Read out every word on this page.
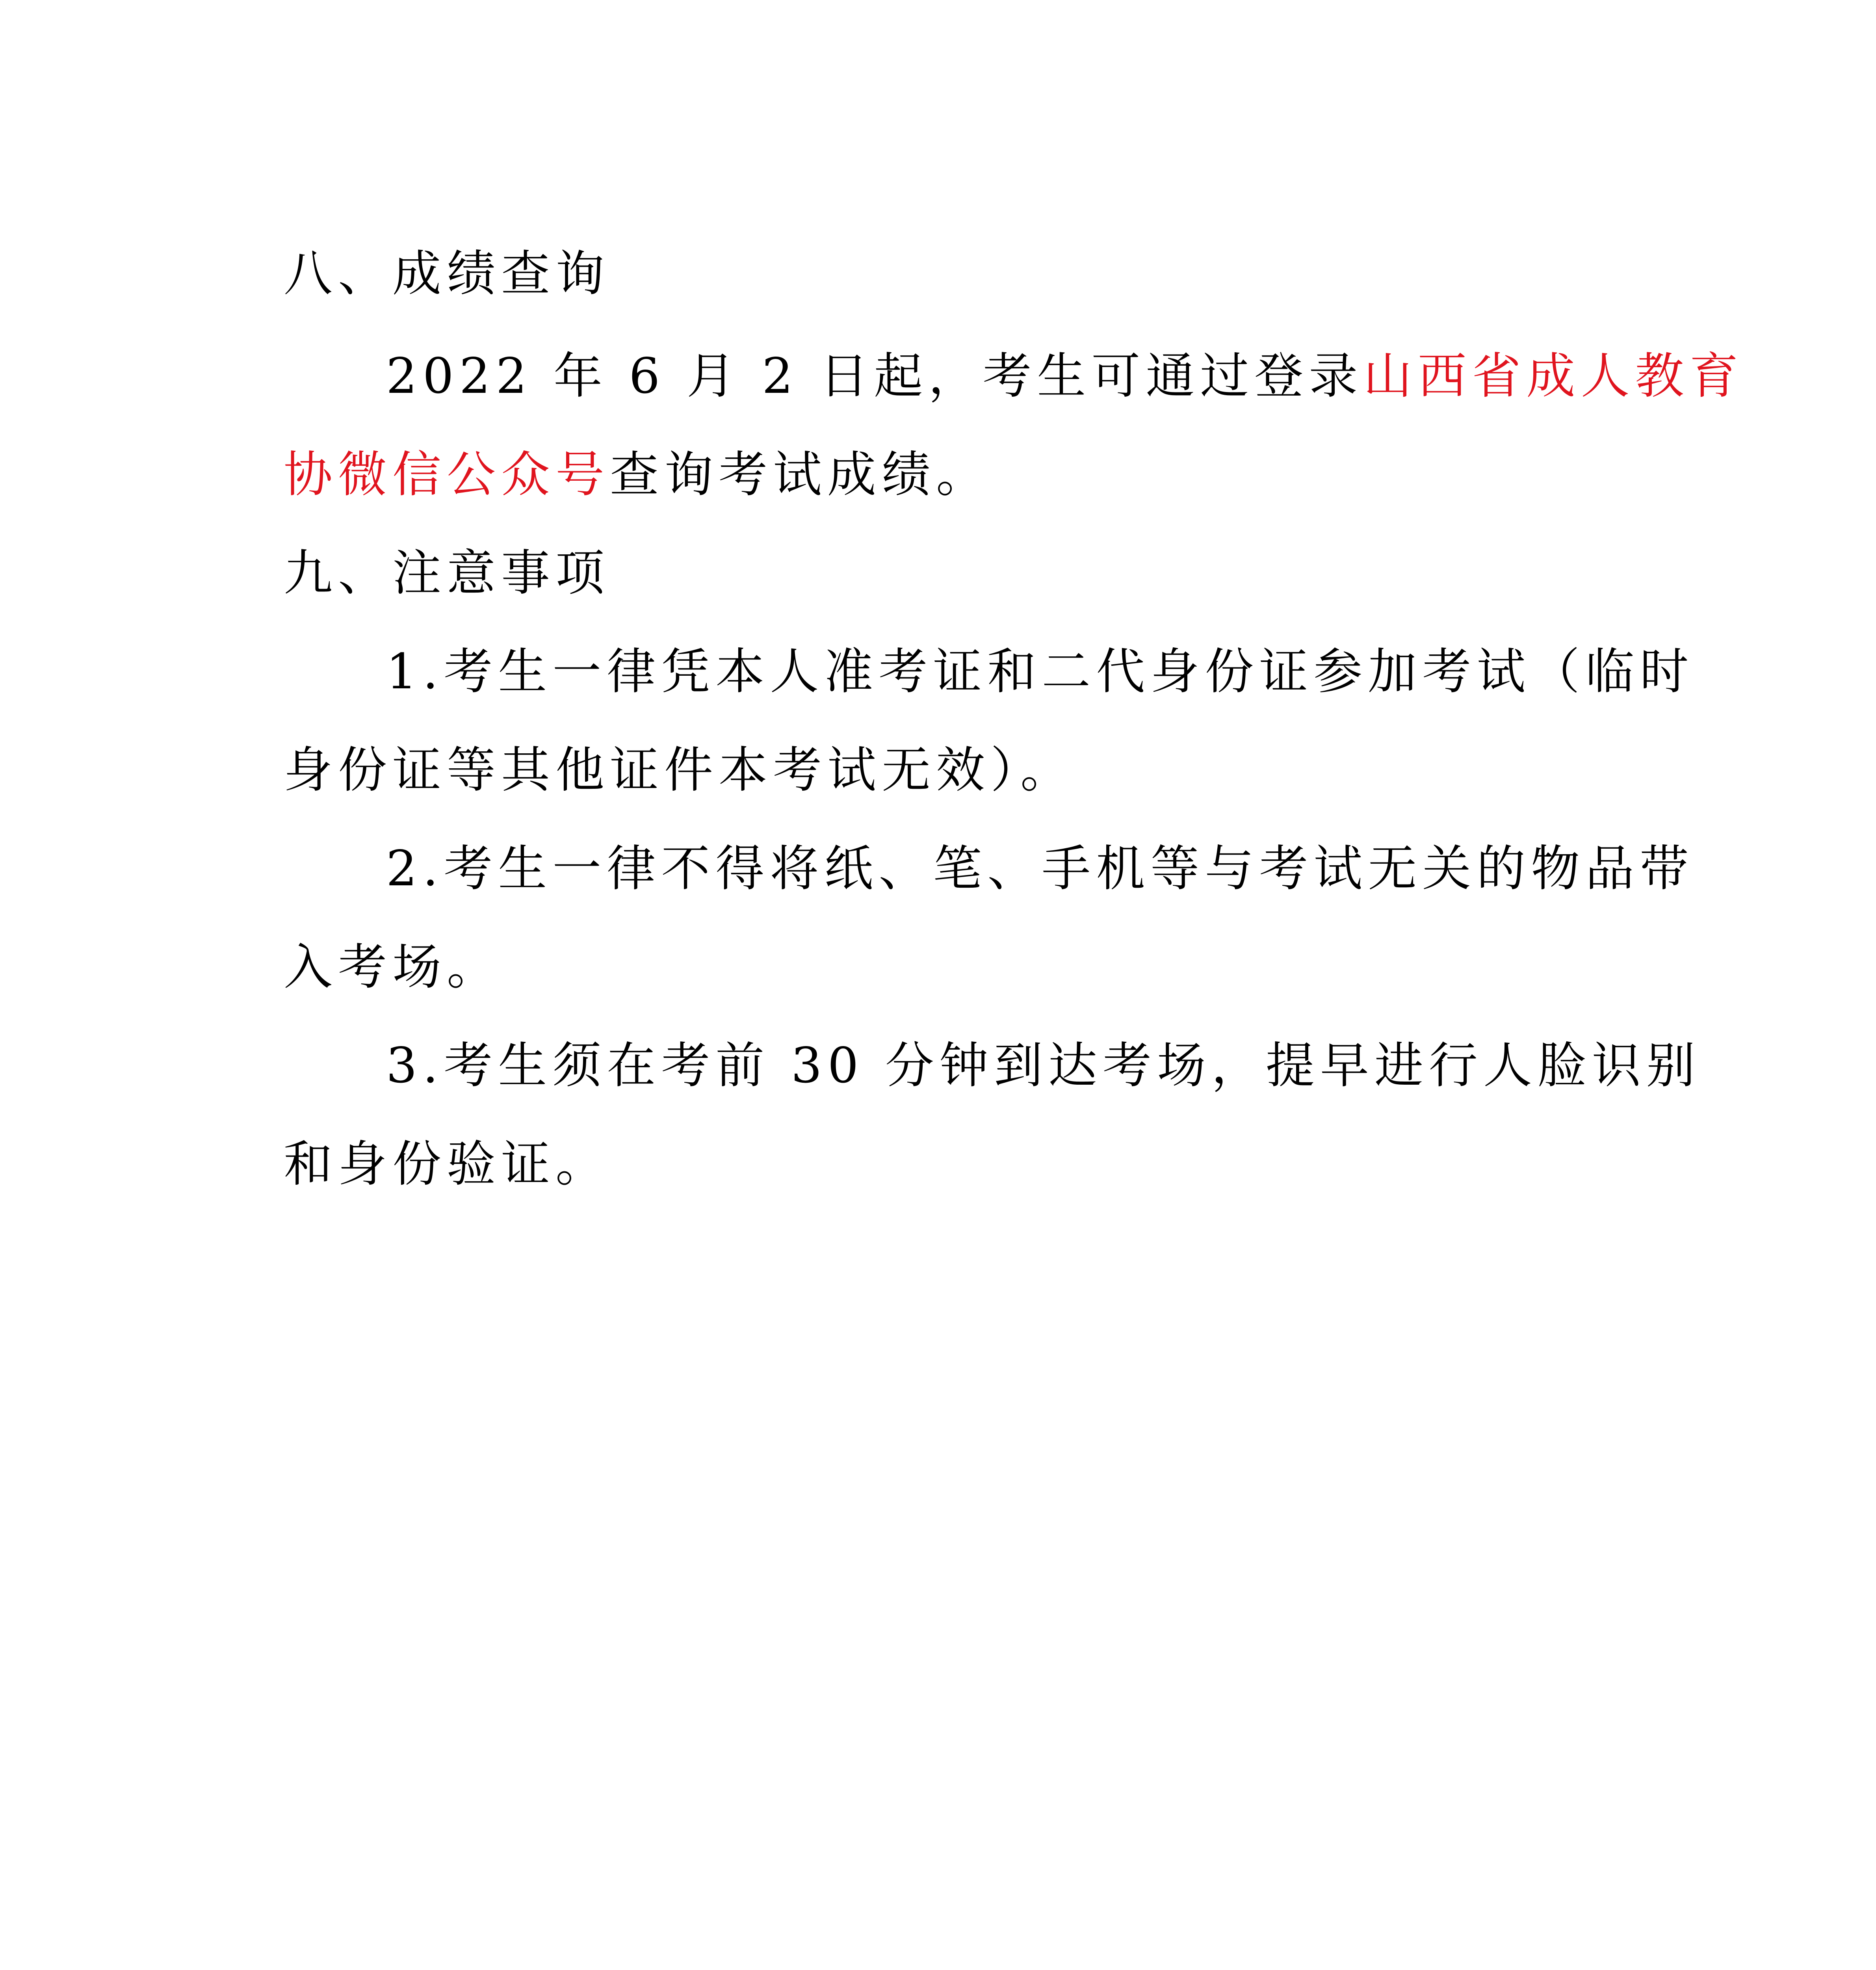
八、成绩查询
2022 年 6 月 2 日起，考生可通过登录山西省成人教育
协微信公众号查询考试成绩。
九、注意事项
1.考生一律凭本人准考证和二代身份证参加考试（临时
身份证等其他证件本考试无效）。
2.考生一律不得将纸、笔、手机等与考试无关的物品带
入考场。
3.考生须在考前 30 分钟到达考场，提早进行人脸识别
和身份验证。
